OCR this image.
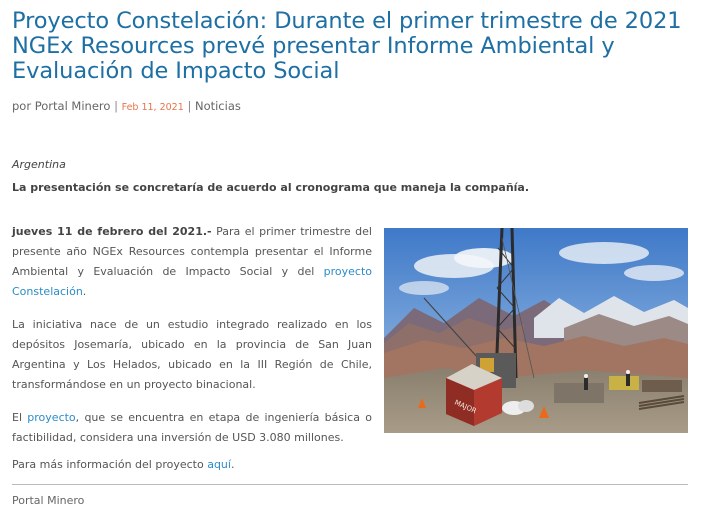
Proyecto Constelación: Durante el primer trimestre de 2021 NGEx Resources prevé presentar Informe Ambiental y Evaluación de Impacto Social
por Portal Minero | Feb 11, 2021 | Noticias
Argentina
La presentación se concretaría de acuerdo al cronograma que maneja la compañía.

jueves 11 de febrero del 2021.- Para el primer trimestre del presente año NGEx Resources contempla presentar el Informe Ambiental y Evaluación de Impacto Social y del proyecto Constelación.

La iniciativa nace de un estudio integrado realizado en los depósitos Josemaría, ubicado en la provincia de San Juan Argentina y Los Helados, ubicado en la III Región de Chile, transformándose en un proyecto binacional.

El proyecto, que se encuentra en etapa de ingeniería básica o factibilidad, considera una inversión de USD 3.080 millones.

MAJOR
Para más información del proyecto aquí.
Portal Minero
